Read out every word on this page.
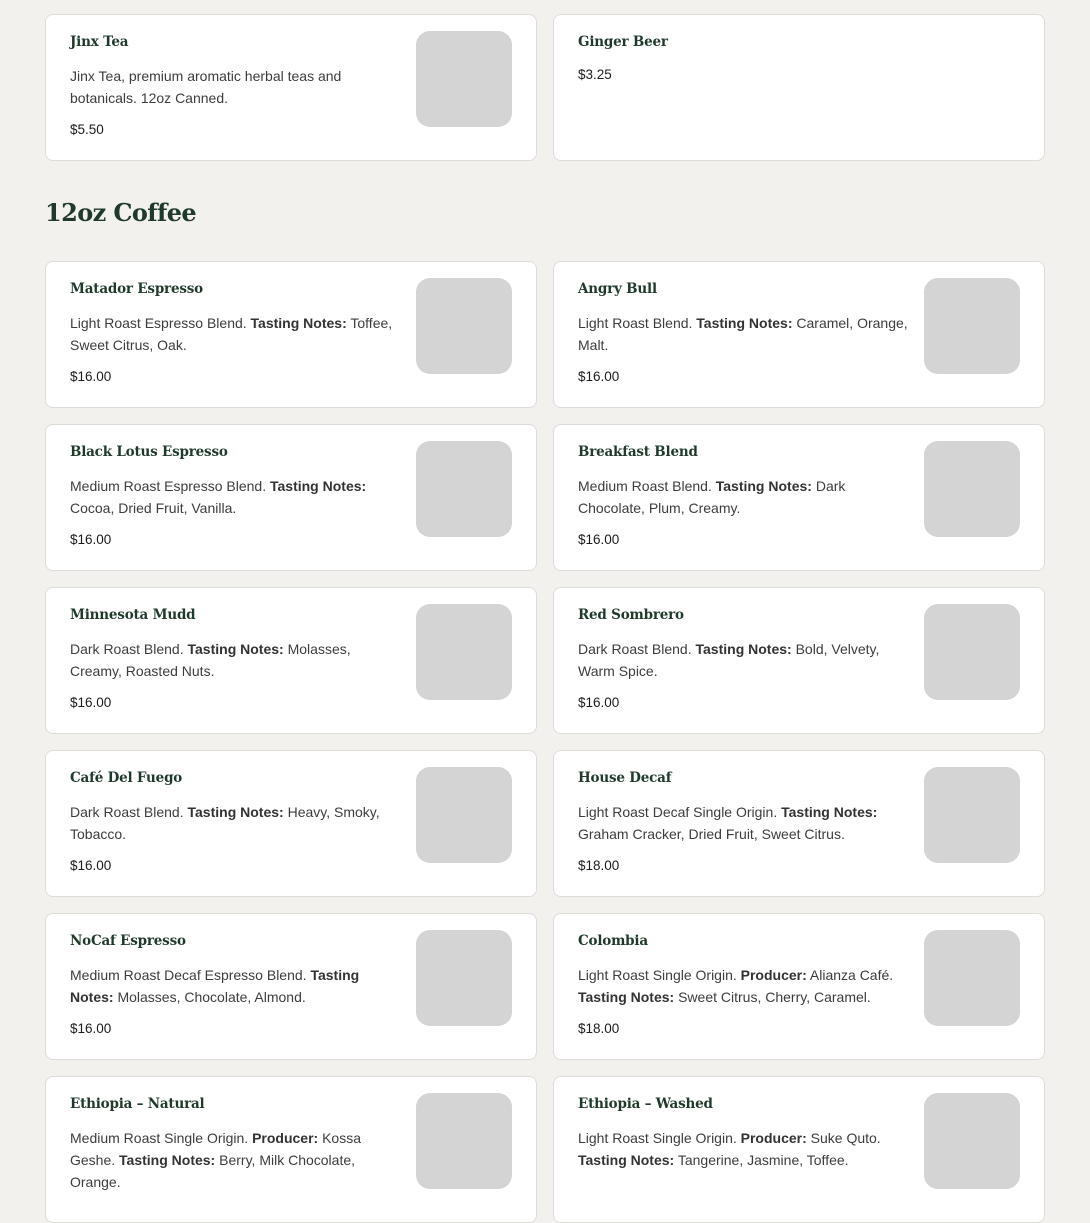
Jinx Tea
Jinx Tea, premium aromatic herbal teas and botanicals. 12oz Canned.
$5.50
Ginger Beer
$3.25
12oz Coffee
Matador Espresso
Light Roast Espresso Blend. Tasting Notes: Toffee, Sweet Citrus, Oak.
$16.00
Angry Bull
Light Roast Blend. Tasting Notes: Caramel, Orange, Malt.
$16.00
Black Lotus Espresso
Medium Roast Espresso Blend. Tasting Notes: Cocoa, Dried Fruit, Vanilla.
$16.00
Breakfast Blend
Medium Roast Blend. Tasting Notes: Dark Chocolate, Plum, Creamy.
$16.00
Minnesota Mudd
Dark Roast Blend. Tasting Notes: Molasses, Creamy, Roasted Nuts.
$16.00
Red Sombrero
Dark Roast Blend. Tasting Notes: Bold, Velvety, Warm Spice.
$16.00
Café Del Fuego
Dark Roast Blend. Tasting Notes: Heavy, Smoky, Tobacco.
$16.00
House Decaf
Light Roast Decaf Single Origin. Tasting Notes: Graham Cracker, Dried Fruit, Sweet Citrus.
$18.00
NoCaf Espresso
Medium Roast Decaf Espresso Blend. Tasting Notes: Molasses, Chocolate, Almond.
$16.00
Colombia
Light Roast Single Origin. Producer: Alianza Café. Tasting Notes: Sweet Citrus, Cherry, Caramel.
$18.00
Ethiopia – Natural
Medium Roast Single Origin. Producer: Kossa Geshe. Tasting Notes: Berry, Milk Chocolate, Orange.
Ethiopia – Washed
Light Roast Single Origin. Producer: Suke Quto. Tasting Notes: Tangerine, Jasmine, Toffee.
